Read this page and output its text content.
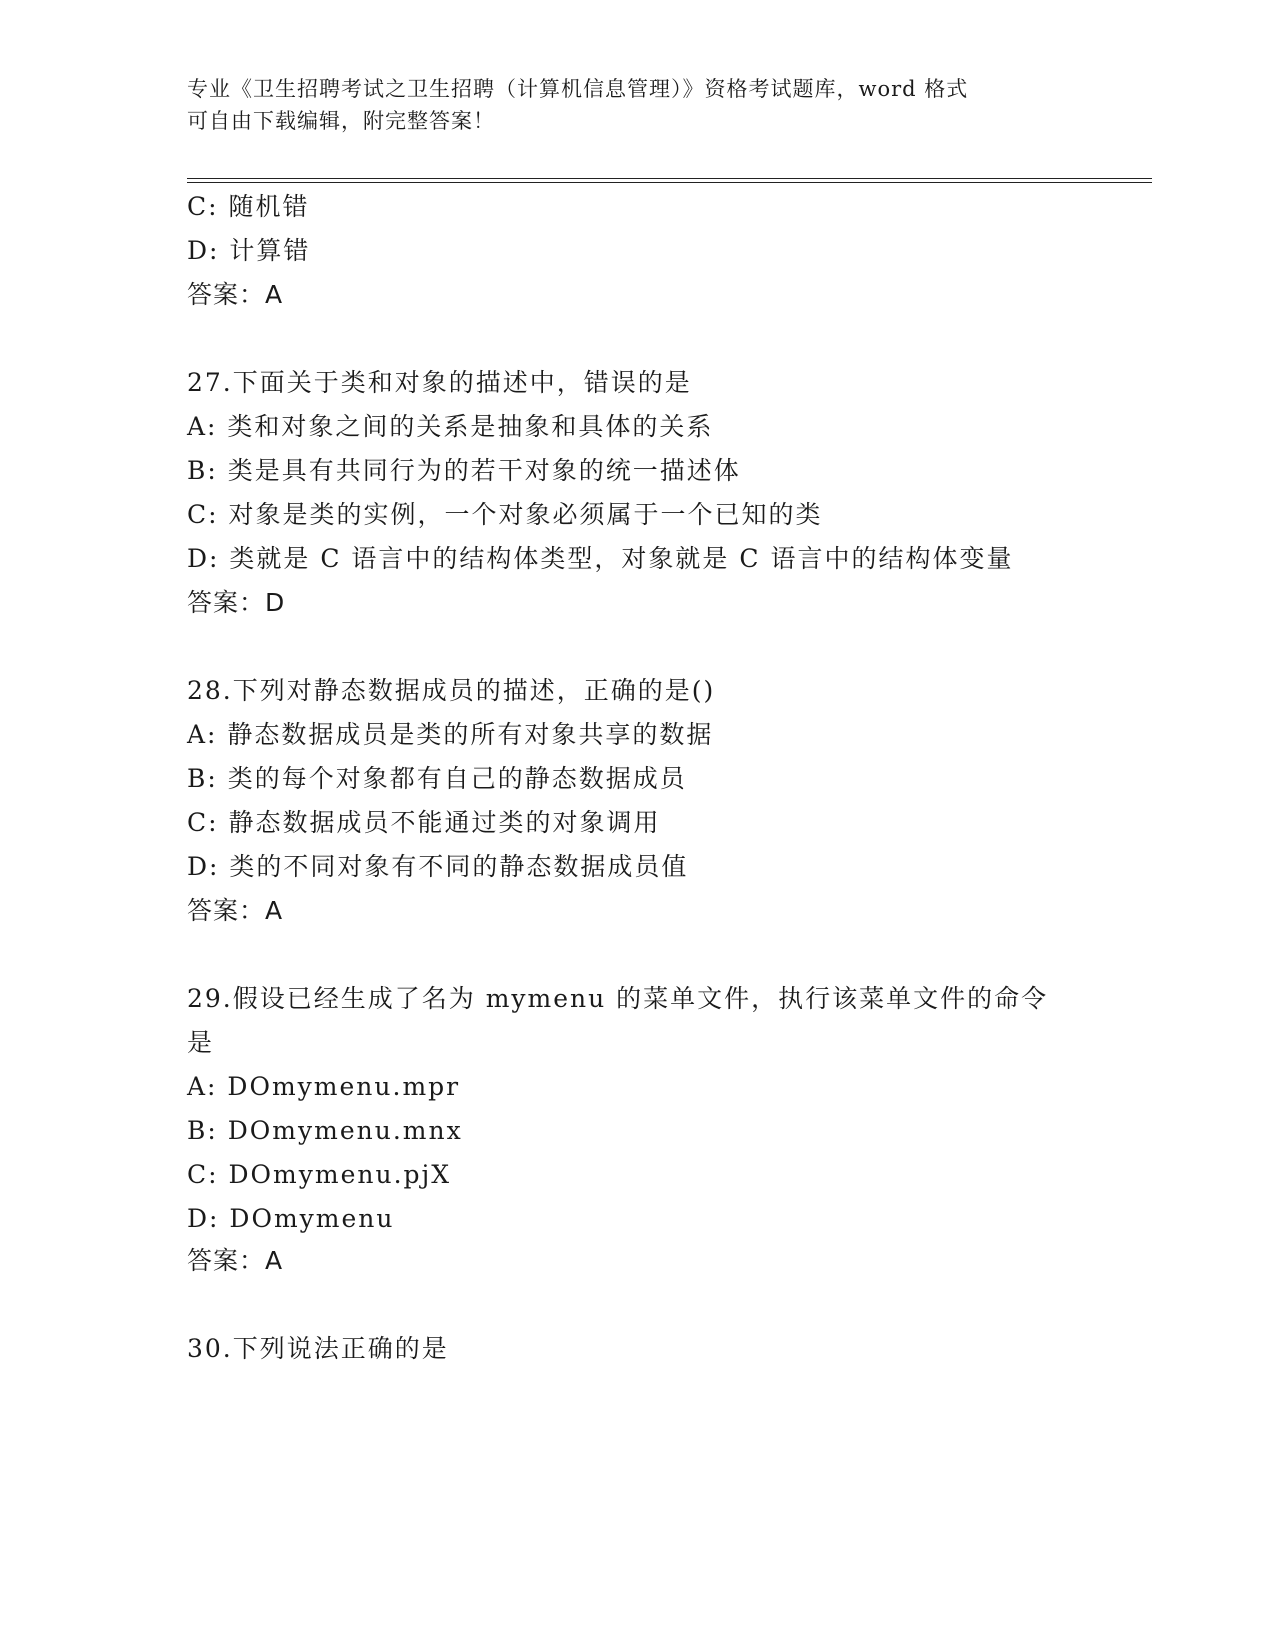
专业《卫生招聘考试之卫生招聘（计算机信息管理）》资格考试题库，word 格式
可自由下载编辑，附完整答案！
C: 随机错
D: 计算错
答案：A
27.下面关于类和对象的描述中，错误的是
A: 类和对象之间的关系是抽象和具体的关系
B: 类是具有共同行为的若干对象的统一描述体
C: 对象是类的实例，一个对象必须属于一个已知的类
D: 类就是 C 语言中的结构体类型，对象就是 C 语言中的结构体变量
答案：D
28.下列对静态数据成员的描述，正确的是()
A: 静态数据成员是类的所有对象共享的数据
B: 类的每个对象都有自己的静态数据成员
C: 静态数据成员不能通过类的对象调用
D: 类的不同对象有不同的静态数据成员值
答案：A
29.假设已经生成了名为 mymenu 的菜单文件，执行该菜单文件的命令
是
A: DOmymenu.mpr
B: DOmymenu.mnx
C: DOmymenu.pjX
D: DOmymenu
答案：A
30.下列说法正确的是
